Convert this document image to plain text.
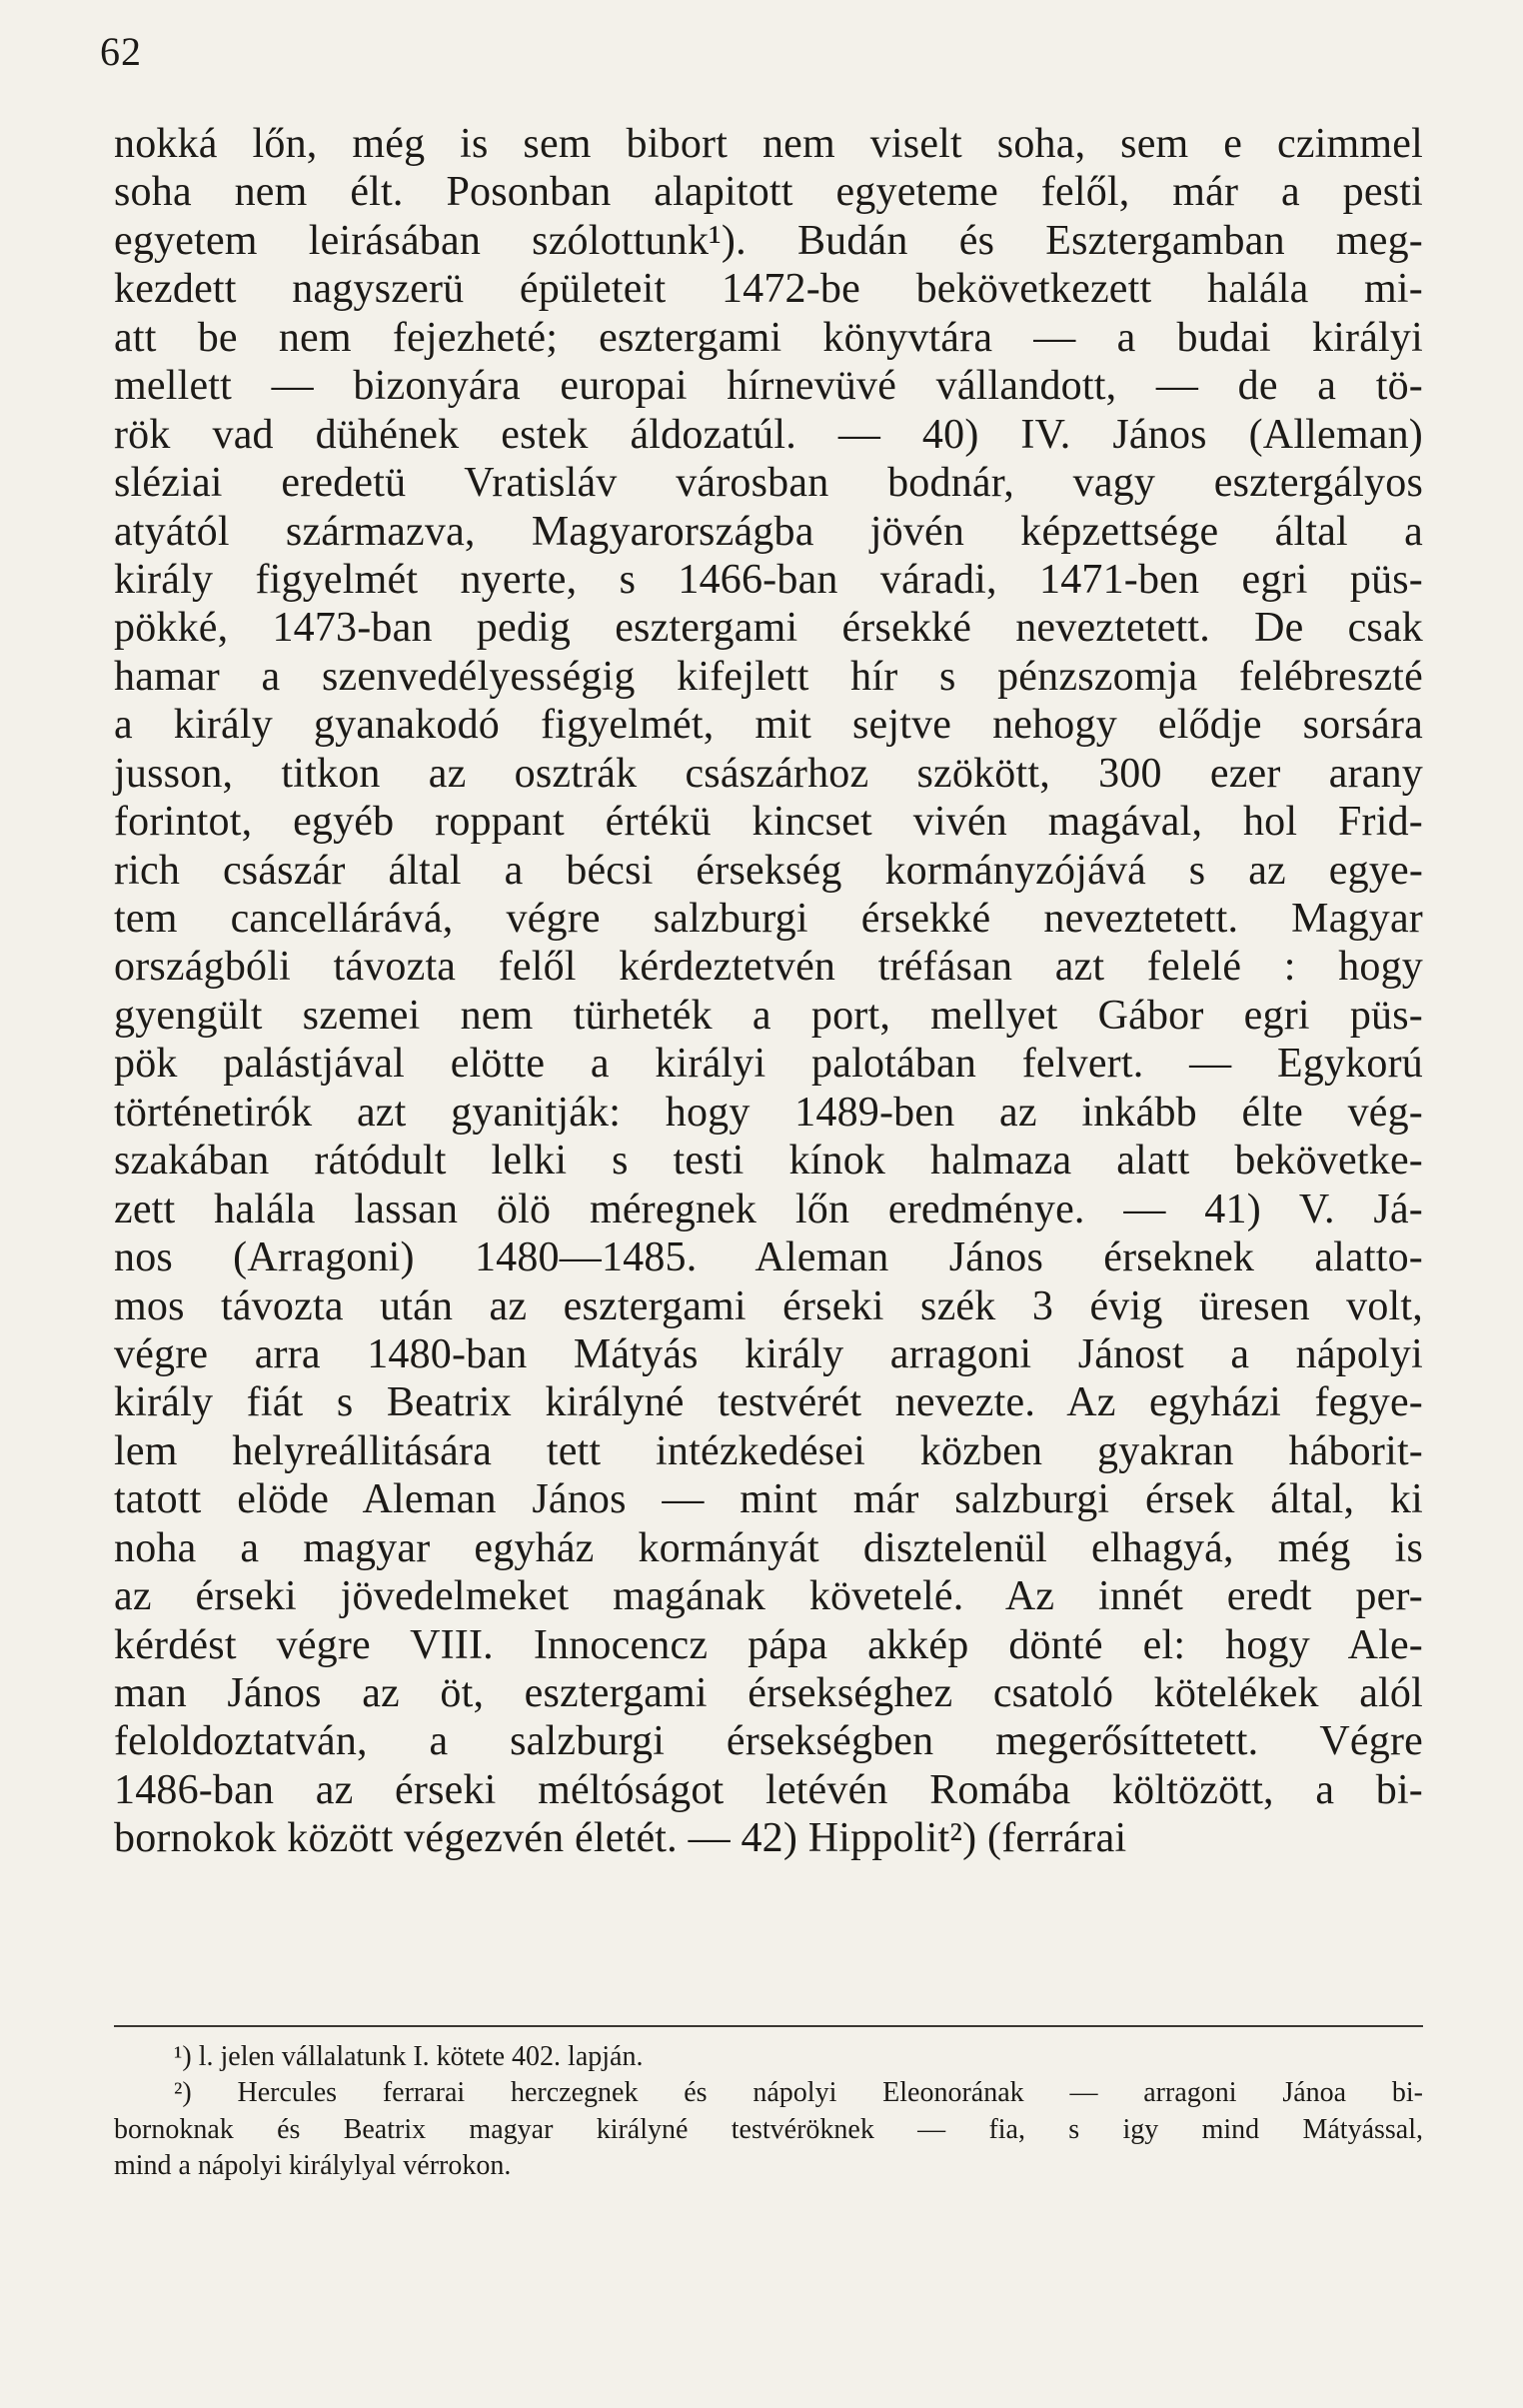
62
nokká lőn, még is sem bibort nem viselt soha, sem e czimmel
soha nem élt. Posonban alapitott egyeteme felől, már a pesti
egyetem leirásában szólottunk¹). Budán és Esztergamban meg-
kezdett nagyszerü épületeit 1472-be bekövetkezett halála mi-
att be nem fejezheté; esztergami könyvtára — a budai királyi
mellett — bizonyára europai hírnevüvé vállandott, — de a tö-
rök vad dühének estek áldozatúl. — 40) IV. János (Alleman)
sléziai eredetü Vratisláv városban bodnár, vagy esztergályos
atyától származva, Magyarországba jövén képzettsége által a
király figyelmét nyerte, s 1466-ban váradi, 1471-ben egri püs-
pökké, 1473-ban pedig esztergami érsekké neveztetett. De csak
hamar a szenvedélyességig kifejlett hír s pénzszomja felébreszté
a király gyanakodó figyelmét, mit sejtve nehogy elődje sorsára
jusson, titkon az osztrák császárhoz szökött, 300 ezer arany
forintot, egyéb roppant értékü kincset vivén magával, hol Frid-
rich császár által a bécsi érsekség kormányzójává s az egye-
tem cancellárává, végre salzburgi érsekké neveztetett. Magyar
országbóli távozta felől kérdeztetvén tréfásan azt felelé : hogy
gyengült szemei nem türheték a port, mellyet Gábor egri püs-
pök palástjával elötte a királyi palotában felvert. — Egykorú
történetirók azt gyanitják: hogy 1489-ben az inkább élte vég-
szakában rátódult lelki s testi kínok halmaza alatt bekövetke-
zett halála lassan ölö méregnek lőn eredménye. — 41) V. Já-
nos (Arragoni) 1480—1485. Aleman János érseknek alatto-
mos távozta után az esztergami érseki szék 3 évig üresen volt,
végre arra 1480-ban Mátyás király arragoni Jánost a nápolyi
király fiát s Beatrix királyné testvérét nevezte. Az egyházi fegye-
lem helyreállitására tett intézkedései közben gyakran háborit-
tatott elöde Aleman János — mint már salzburgi érsek által, ki
noha a magyar egyház kormányát disztelenül elhagyá, még is
az érseki jövedelmeket magának követelé. Az innét eredt per-
kérdést végre VIII. Innocencz pápa akkép dönté el: hogy Ale-
man János az öt, esztergami érsekséghez csatoló kötelékek alól
feloldoztatván, a salzburgi érsekségben megerősíttetett. Végre
1486-ban az érseki méltóságot letévén Romába költözött, a bi-
bornokok között végezvén életét. — 42) Hippolit²) (ferrárai
¹) l. jelen vállalatunk I. kötete 402. lapján.
²) Hercules ferrarai herczegnek és nápolyi Eleonorának — arragoni Jánoa bi-
bornoknak és Beatrix magyar királyné testvéröknek — fia, s igy mind Mátyással,
mind a nápolyi királylyal vérrokon.
